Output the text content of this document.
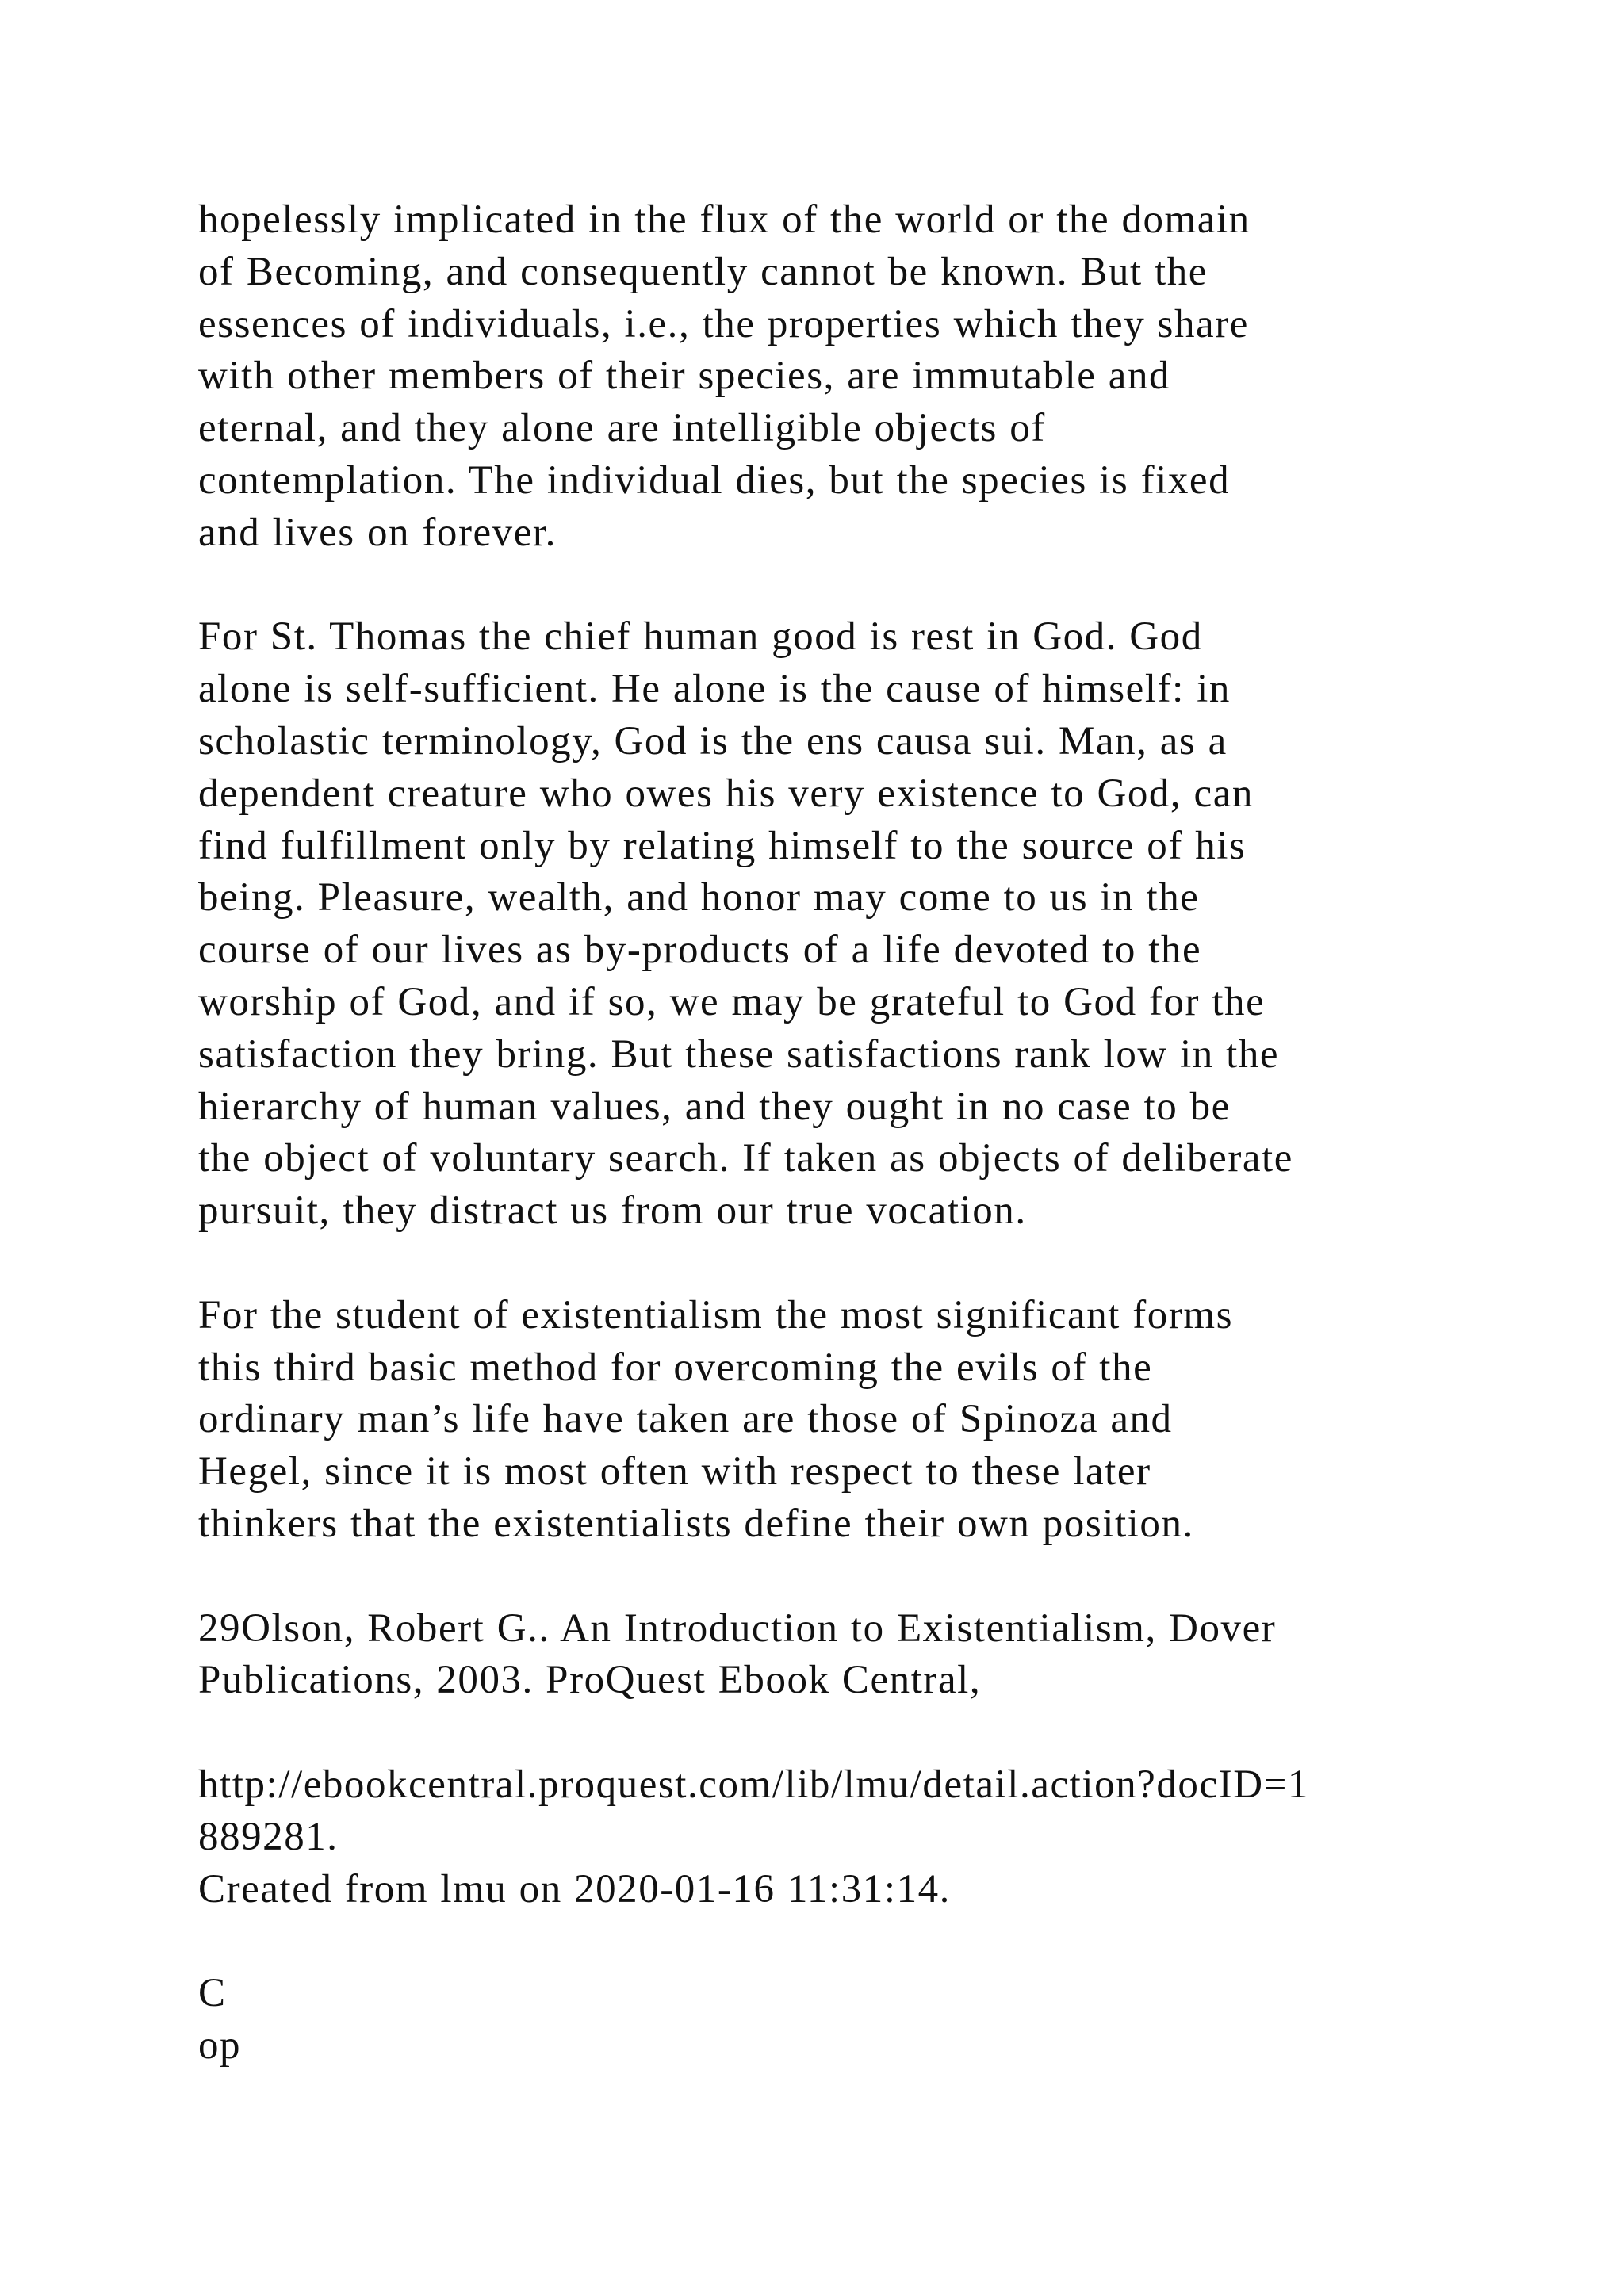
hopelessly implicated in the flux of the world or the domain
of Becoming, and consequently cannot be known. But the
essences of individuals, i.e., the properties which they share
with other members of their species, are immutable and
eternal, and they alone are intelligible objects of
contemplation. The individual dies, but the species is fixed
and lives on forever.
For St. Thomas the chief human good is rest in God. God
alone is self-sufficient. He alone is the cause of himself: in
scholastic terminology, God is the ens causa sui. Man, as a
dependent creature who owes his very existence to God, can
find fulfillment only by relating himself to the source of his
being. Pleasure, wealth, and honor may come to us in the
course of our lives as by-products of a life devoted to the
worship of God, and if so, we may be grateful to God for the
satisfaction they bring. But these satisfactions rank low in the
hierarchy of human values, and they ought in no case to be
the object of voluntary search. If taken as objects of deliberate
pursuit, they distract us from our true vocation.
For the student of existentialism the most significant forms
this third basic method for overcoming the evils of the
ordinary man’s life have taken are those of Spinoza and
Hegel, since it is most often with respect to these later
thinkers that the existentialists define their own position.
29Olson, Robert G.. An Introduction to Existentialism, Dover
Publications, 2003. ProQuest Ebook Central,
http://ebookcentral.proquest.com/lib/lmu/detail.action?docID=1
889281.
Created from lmu on 2020-01-16 11:31:14.
C
op
